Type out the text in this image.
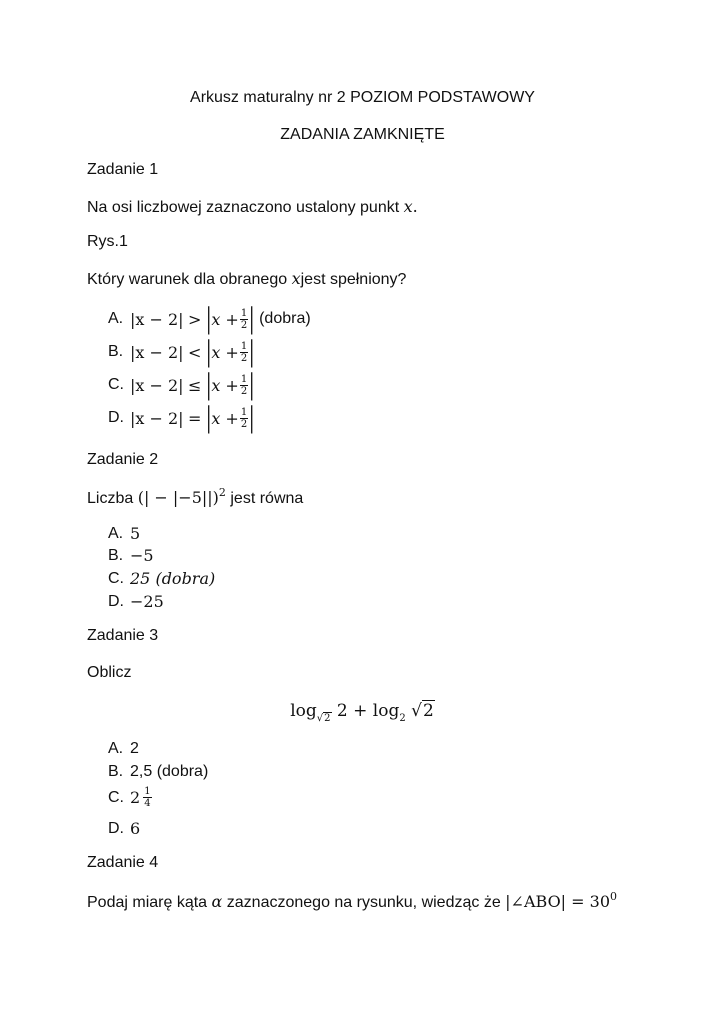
Arkusz maturalny nr 2 POZIOM PODSTAWOWY
ZADANIA ZAMKNIĘTE
Zadanie 1
Na osi liczbowej zaznaczono ustalony punkt x.
Rys.1
Który warunek dla obranego xjest spełniony?
A. |x − 2|
>
| $x + \frac{1}{2}$ |
(dobra)
B. |x − 2|
<
| $x + \frac{1}{2}$ |
C. |x − 2|
≤
| $x + \frac{1}{2}$ |
D. |x − 2|
=
| $x + \frac{1}{2}$ |
Zadanie 2
Liczba (| − |−5||)$^2$ jest równa
A. 5
B. −5
C. 25 (dobra)
D. −25
Zadanie 3
Oblicz
$\log_{√2} 2 + \log_2 √2$
A. 2
B. 2,5 (dobra)
C. $2 \frac{1}{4}$
D. 6
Zadanie 4
Podaj miarę kąta α zaznaczonego na rysunku, wiedząc że |∠ABO| = $30^0$
